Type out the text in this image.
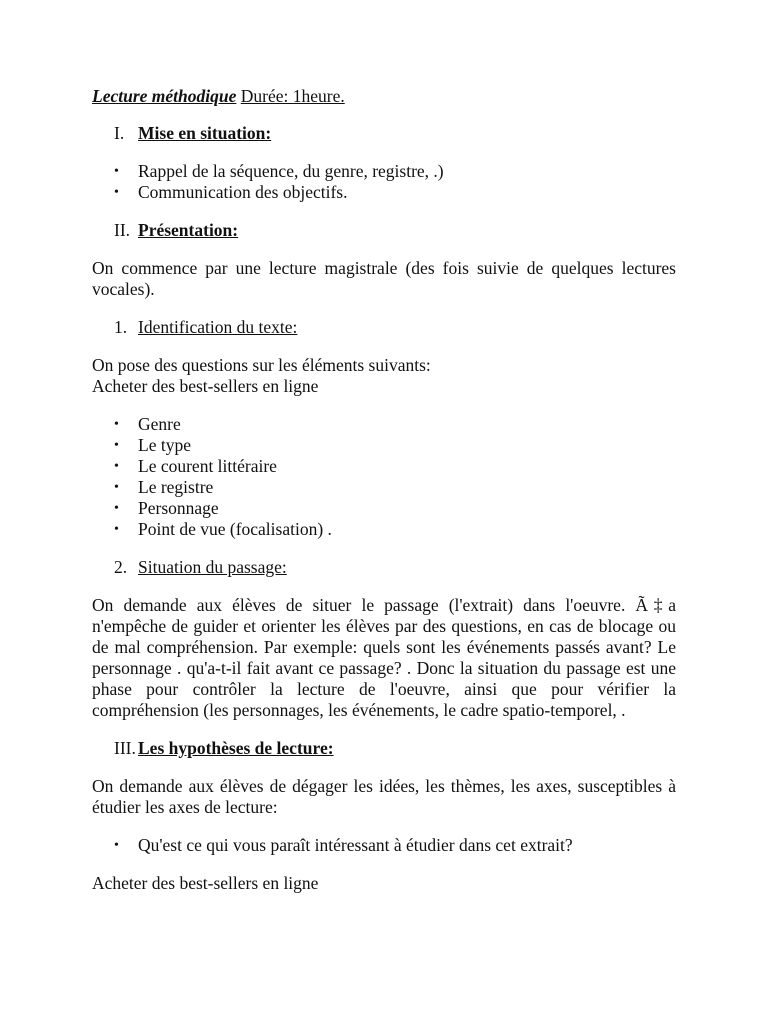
Lecture méthodique Durée: 1heure.

I. Mise en situation:
•	Rappel de la séquence, du genre, registre, .)
•	Communication des objectifs.
II. Présentation:

On commence par une lecture magistrale (des fois suivie de quelques lectures vocales).

1. Identification du texte:

On pose des questions sur les éléments suivants:

Acheter des best-sellers en ligne

•	Genre
•	Le type
•	Le courent littéraire
•	Le registre
•	Personnage
•	Point de vue (focalisation) .
2. Situation du passage:

On demande aux élèves de situer le passage (l'extrait) dans l'oeuvre. Ã‡a n'empêche de guider et orienter les élèves par des questions, en cas de blocage ou de mal compréhension. Par exemple: quels sont les événements passés avant? Le personnage . qu'a-t-il fait avant ce passage? . Donc la situation du passage est une phase pour contrôler la lecture de l'oeuvre, ainsi que pour vérifier la compréhension (les personnages, les événements, le cadre spatio-temporel, .

III. Les hypothèses de lecture:

On demande aux élèves de dégager les idées, les thèmes, les axes, susceptibles à étudier les axes de lecture:

•	Qu'est ce qui vous paraît intéressant à étudier dans cet extrait?

Acheter des best-sellers en ligne
